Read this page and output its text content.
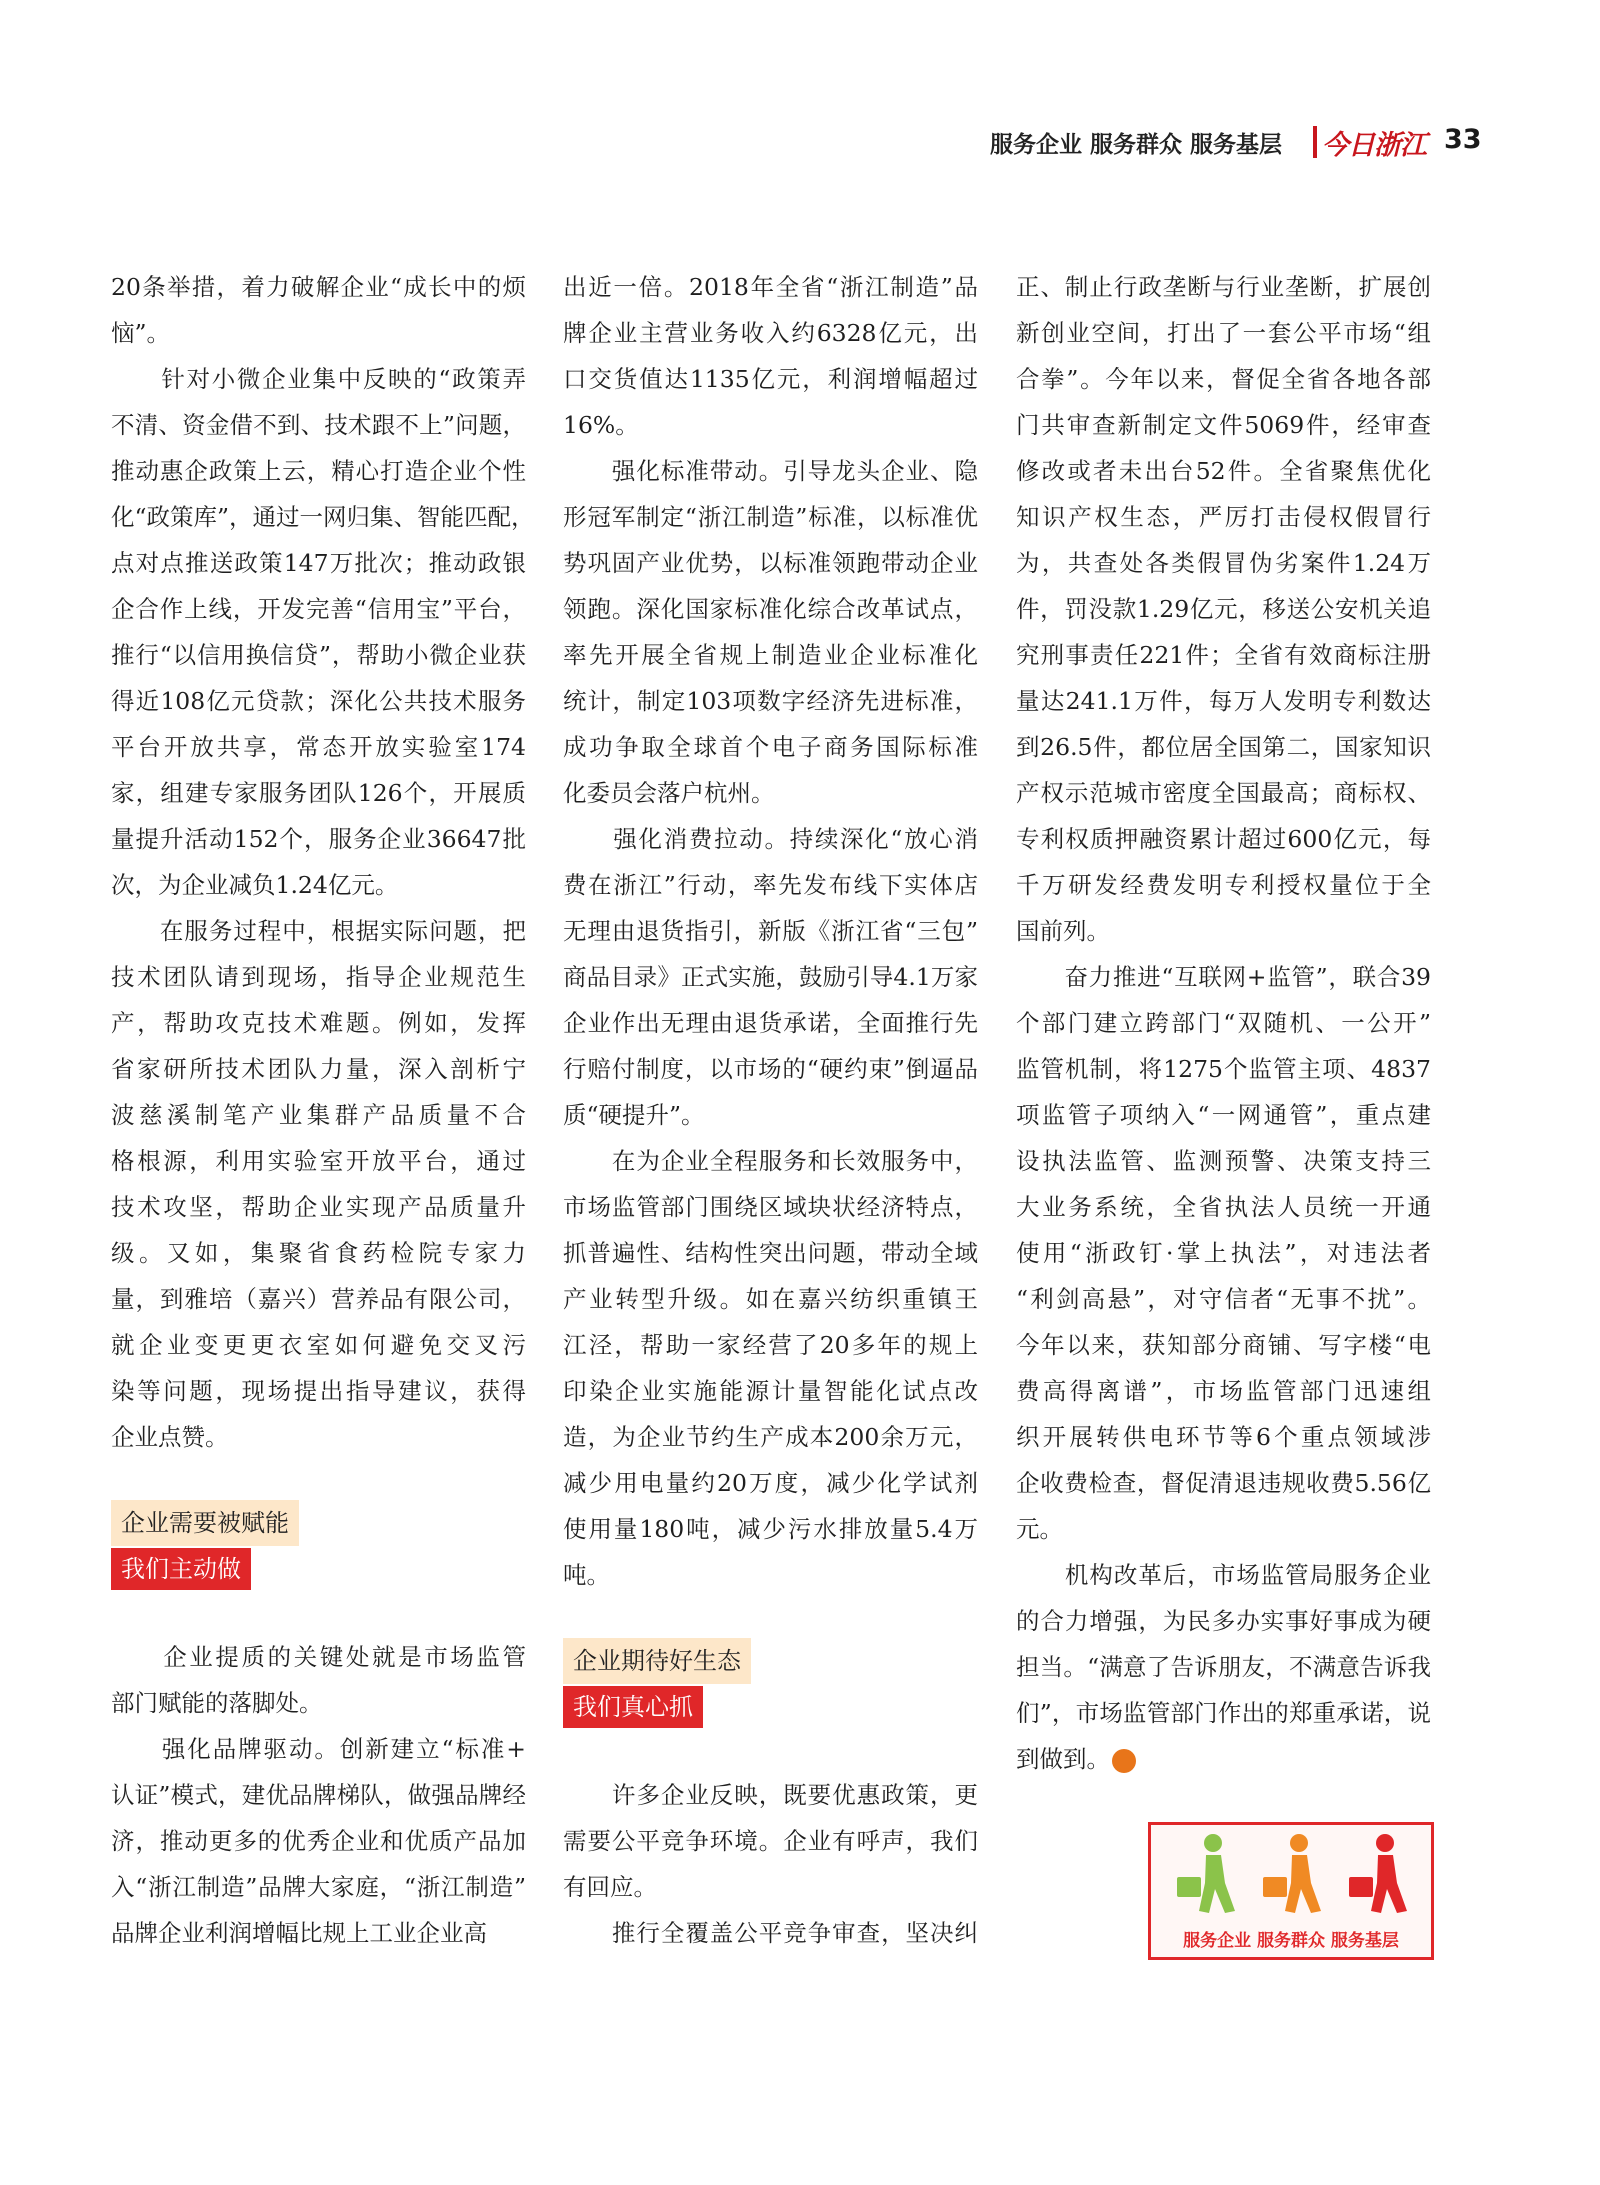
服务企业 服务群众 服务基层 今日浙江 33
20条举措，着力破解企业“成长中的烦
恼”。
　　针对小微企业集中反映的“政策弄
不清、资金借不到、技术跟不上”问题，
推动惠企政策上云，精心打造企业个性
化“政策库”，通过一网归集、智能匹配，
点对点推送政策147万批次；推动政银
企合作上线，开发完善“信用宝”平台，
推行“以信用换信贷”，帮助小微企业获
得近108亿元贷款；深化公共技术服务
平台开放共享，常态开放实验室174
家，组建专家服务团队126个，开展质
量提升活动152个，服务企业36647批
次，为企业减负1.24亿元。
　　在服务过程中，根据实际问题，把
技术团队请到现场，指导企业规范生
产，帮助攻克技术难题。例如，发挥
省家研所技术团队力量，深入剖析宁
波慈溪制笔产业集群产品质量不合
格根源，利用实验室开放平台，通过
技术攻坚，帮助企业实现产品质量升
级。又如，集聚省食药检院专家力
量，到雅培（嘉兴）营养品有限公司，
就企业变更更衣室如何避免交叉污
染等问题，现场提出指导建议，获得
企业点赞。
　　企业提质的关键处就是市场监管
部门赋能的落脚处。
　　强化品牌驱动。创新建立“标准+
认证”模式，建优品牌梯队，做强品牌经
济，推动更多的优秀企业和优质产品加
入“浙江制造”品牌大家庭，“浙江制造”
品牌企业利润增幅比规上工业企业高
出近一倍。2018年全省“浙江制造”品
牌企业主营业务收入约6328亿元，出
口交货值达1135亿元，利润增幅超过
16%。
　　强化标准带动。引导龙头企业、隐
形冠军制定“浙江制造”标准，以标准优
势巩固产业优势，以标准领跑带动企业
领跑。深化国家标准化综合改革试点，
率先开展全省规上制造业企业标准化
统计，制定103项数字经济先进标准，
成功争取全球首个电子商务国际标准
化委员会落户杭州。
　　强化消费拉动。持续深化“放心消
费在浙江”行动，率先发布线下实体店
无理由退货指引，新版《浙江省“三包”
商品目录》正式实施，鼓励引导4.1万家
企业作出无理由退货承诺，全面推行先
行赔付制度，以市场的“硬约束”倒逼品
质“硬提升”。
　　在为企业全程服务和长效服务中，
市场监管部门围绕区域块状经济特点，
抓普遍性、结构性突出问题，带动全域
产业转型升级。如在嘉兴纺织重镇王
江泾，帮助一家经营了20多年的规上
印染企业实施能源计量智能化试点改
造，为企业节约生产成本200余万元，
减少用电量约20万度，减少化学试剂
使用量180吨，减少污水排放量5.4万
吨。
　　许多企业反映，既要优惠政策，更
需要公平竞争环境。企业有呼声，我们
有回应。
　　推行全覆盖公平竞争审查，坚决纠
正、制止行政垄断与行业垄断，扩展创
新创业空间，打出了一套公平市场“组
合拳”。今年以来，督促全省各地各部
门共审查新制定文件5069件，经审查
修改或者未出台52件。全省聚焦优化
知识产权生态，严厉打击侵权假冒行
为，共查处各类假冒伪劣案件1.24万
件，罚没款1.29亿元，移送公安机关追
究刑事责任221件；全省有效商标注册
量达241.1万件，每万人发明专利数达
到26.5件，都位居全国第二，国家知识
产权示范城市密度全国最高；商标权、
专利权质押融资累计超过600亿元，每
千万研发经费发明专利授权量位于全
国前列。
　　奋力推进“互联网+监管”，联合39
个部门建立跨部门“双随机、一公开”
监管机制，将1275个监管主项、4837
项监管子项纳入“一网通管”，重点建
设执法监管、监测预警、决策支持三
大业务系统，全省执法人员统一开通
使用“浙政钉·掌上执法”，对违法者
“利剑高悬”，对守信者“无事不扰”。
今年以来，获知部分商铺、写字楼“电
费高得离谱”，市场监管部门迅速组
织开展转供电环节等6个重点领域涉
企收费检查，督促清退违规收费5.56亿
元。
　　机构改革后，市场监管局服务企业
的合力增强，为民多办实事好事成为硬
担当。“满意了告诉朋友，不满意告诉我
们”，市场监管部门作出的郑重承诺，说
到做到。
企业需要被赋能
我们主动做
企业期待好生态
我们真心抓
服务企业 服务群众 服务基层
